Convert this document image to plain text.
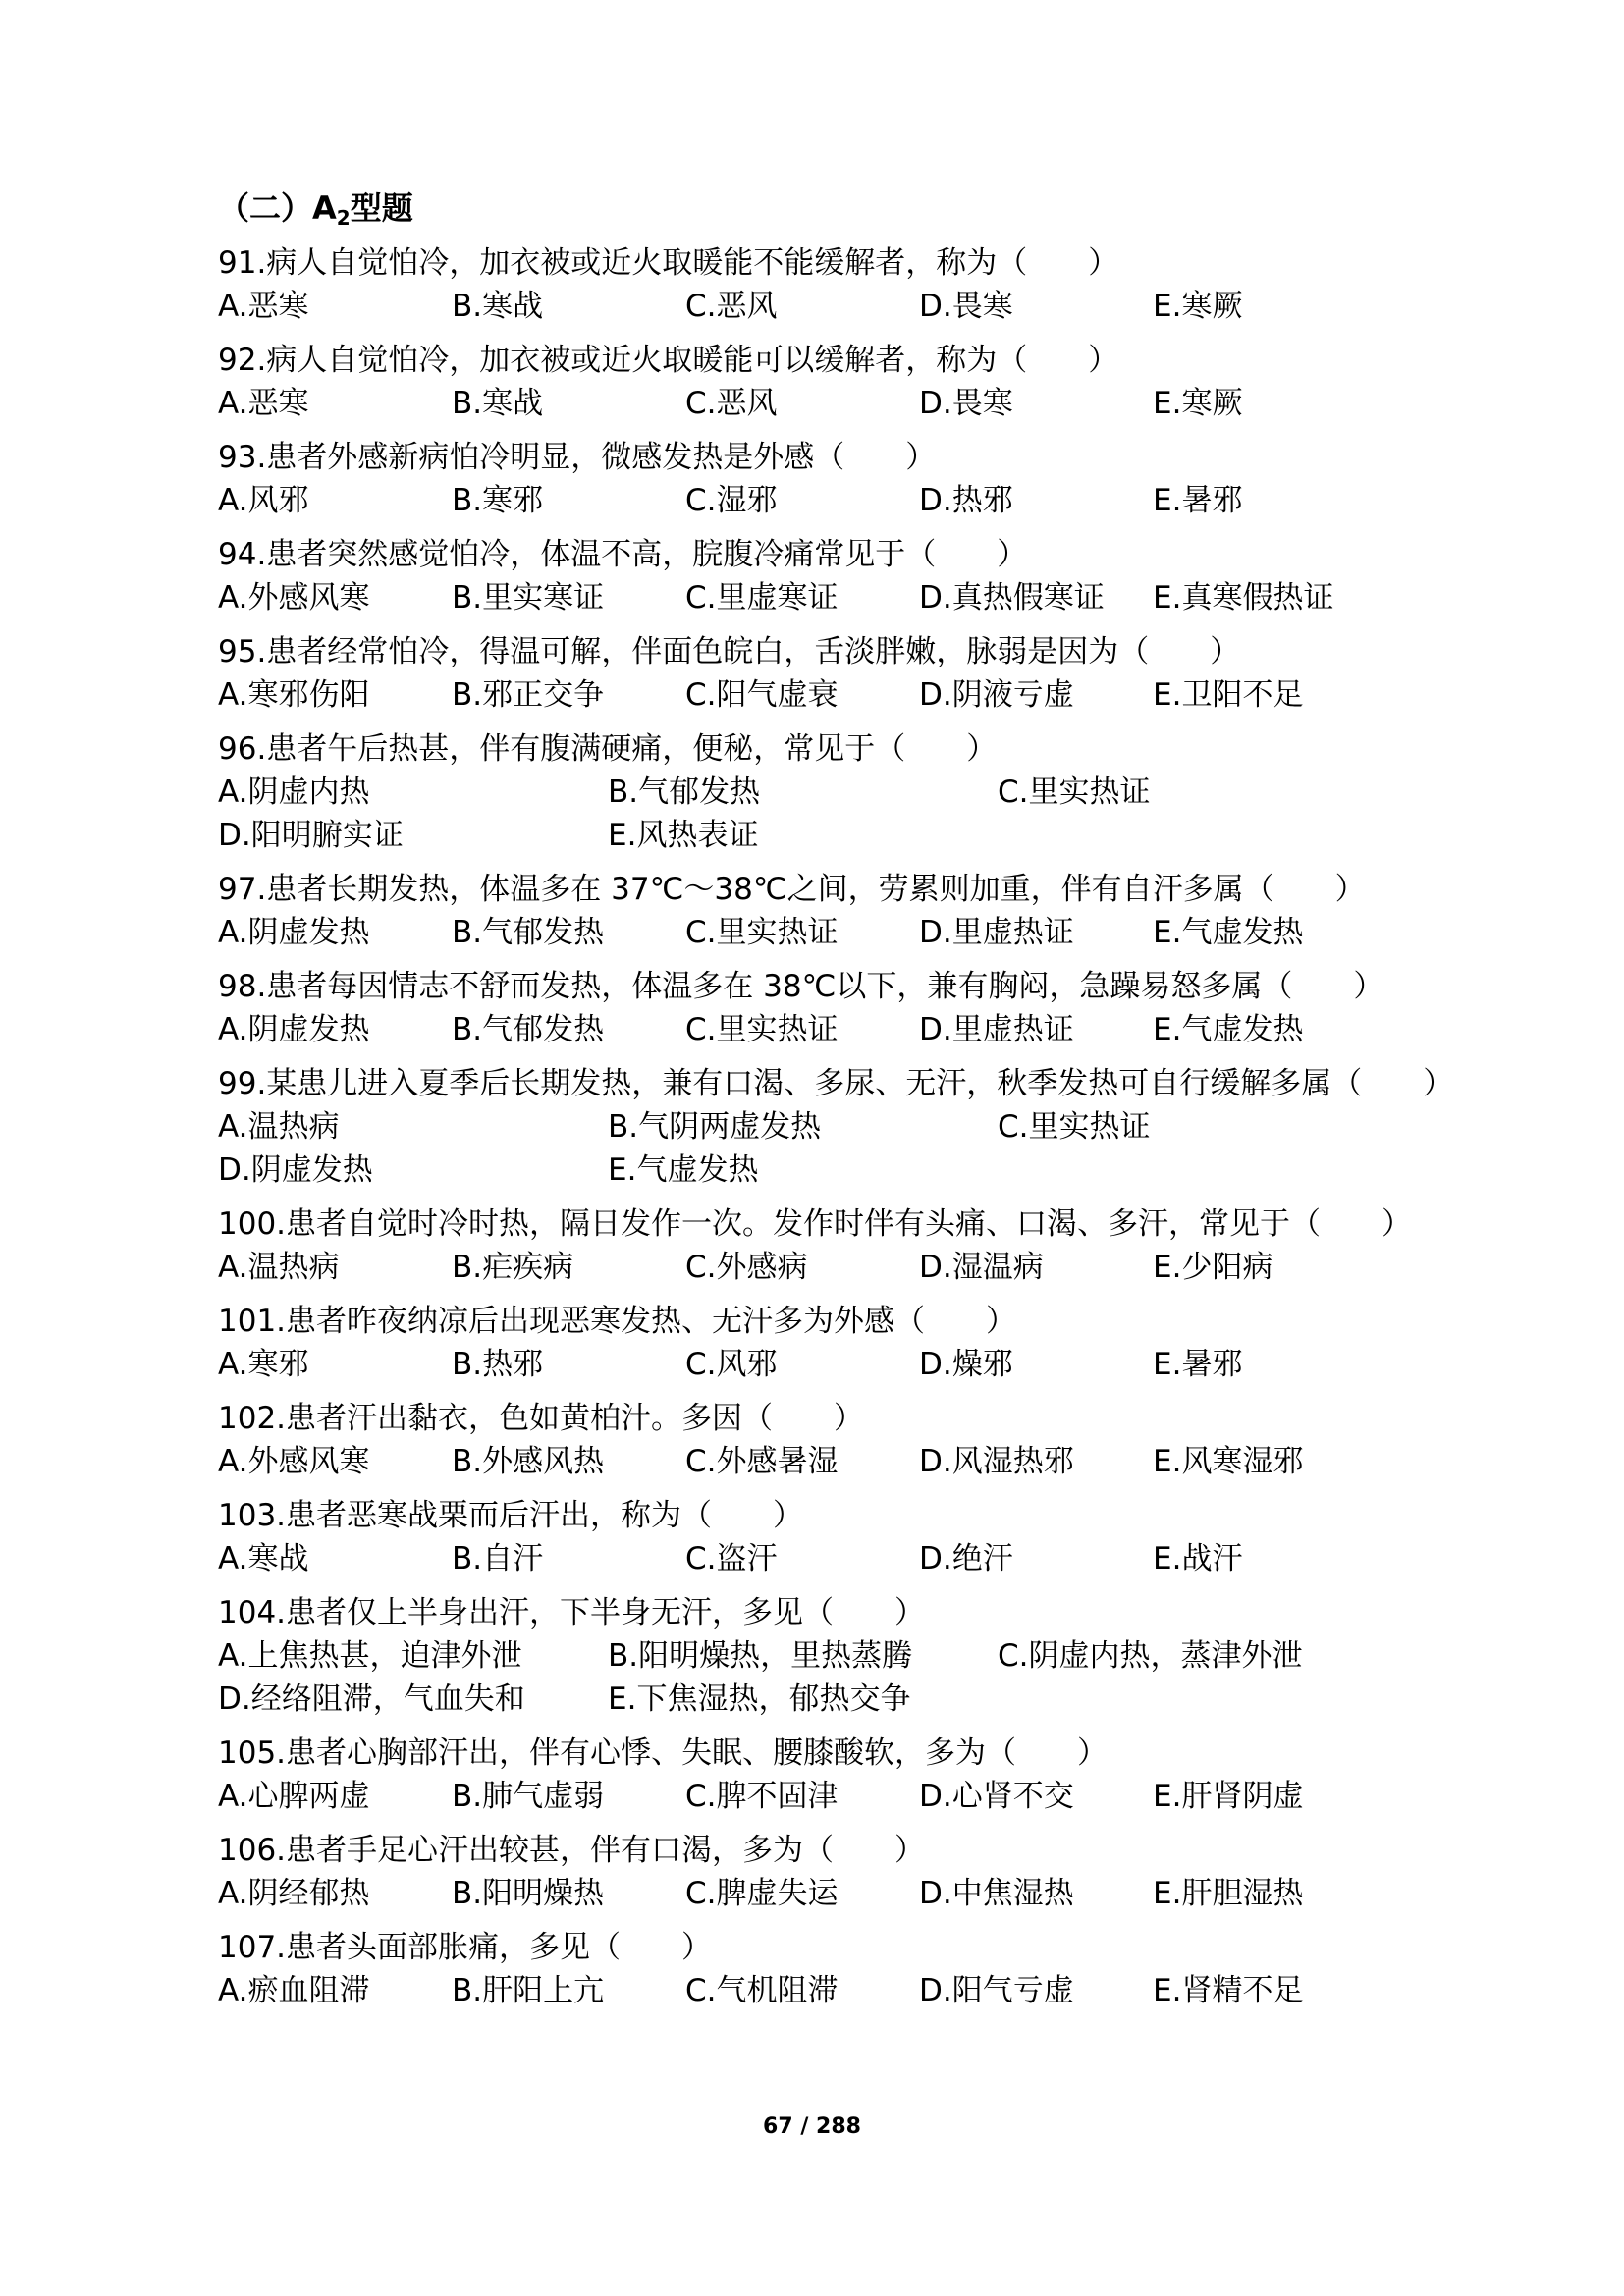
（二）$A_2$型题
91.病人自觉怕冷，加衣被或近火取暖能不能缓解者，称为（　　）
A.恶寒	B.寒战	C.恶风	D.畏寒	E.寒厥
92.病人自觉怕冷，加衣被或近火取暖能可以缓解者，称为（　　）
A.恶寒	B.寒战	C.恶风	D.畏寒	E.寒厥
93.患者外感新病怕冷明显，微感发热是外感（　　）
A.风邪	B.寒邪	C.湿邪	D.热邪	E.暑邪
94.患者突然感觉怕冷，体温不高，脘腹冷痛常见于（　　）
A.外感风寒	B.里实寒证	C.里虚寒证	D.真热假寒证	E.真寒假热证
95.患者经常怕冷，得温可解，伴面色皖白，舌淡胖嫩，脉弱是因为（　　）
A.寒邪伤阳	B.邪正交争	C.阳气虚衰	D.阴液亏虚	E.卫阳不足
96.患者午后热甚，伴有腹满硬痛，便秘，常见于（　　）
A.阴虚内热	B.气郁发热	C.里实热证
D.阳明腑实证	E.风热表证
97.患者长期发热，体温多在 37℃～38℃之间，劳累则加重，伴有自汗多属（　　）
A.阴虚发热	B.气郁发热	C.里实热证	D.里虚热证	E.气虚发热
98.患者每因情志不舒而发热，体温多在 38℃以下，兼有胸闷，急躁易怒多属（　　）
A.阴虚发热	B.气郁发热	C.里实热证	D.里虚热证	E.气虚发热
99.某患儿进入夏季后长期发热，兼有口渴、多尿、无汗，秋季发热可自行缓解多属（　　）
A.温热病	B.气阴两虚发热	C.里实热证
D.阴虚发热	E.气虚发热
100.患者自觉时冷时热，隔日发作一次。发作时伴有头痛、口渴、多汗，常见于（　　）
A.温热病	B.疟疾病	C.外感病	D.湿温病	E.少阳病
101.患者昨夜纳凉后出现恶寒发热、无汗多为外感（　　）
A.寒邪	B.热邪	C.风邪	D.燥邪	E.暑邪
102.患者汗出黏衣，色如黄柏汁。多因（　　）
A.外感风寒	B.外感风热	C.外感暑湿	D.风湿热邪	E.风寒湿邪
103.患者恶寒战栗而后汗出，称为（　　）
A.寒战	B.自汗	C.盗汗	D.绝汗	E.战汗
104.患者仅上半身出汗，下半身无汗，多见（　　）
A.上焦热甚，迫津外泄	B.阳明燥热，里热蒸腾	C.阴虚内热，蒸津外泄
D.经络阻滞，气血失和	E.下焦湿热，郁热交争
105.患者心胸部汗出，伴有心悸、失眠、腰膝酸软，多为（　　）
A.心脾两虚	B.肺气虚弱	C.脾不固津	D.心肾不交	E.肝肾阴虚
106.患者手足心汗出较甚，伴有口渴，多为（　　）
A.阴经郁热	B.阳明燥热	C.脾虚失运	D.中焦湿热	E.肝胆湿热
107.患者头面部胀痛，多见（　　）
A.瘀血阻滞	B.肝阳上亢	C.气机阻滞	D.阳气亏虚	E.肾精不足
67 / 288
